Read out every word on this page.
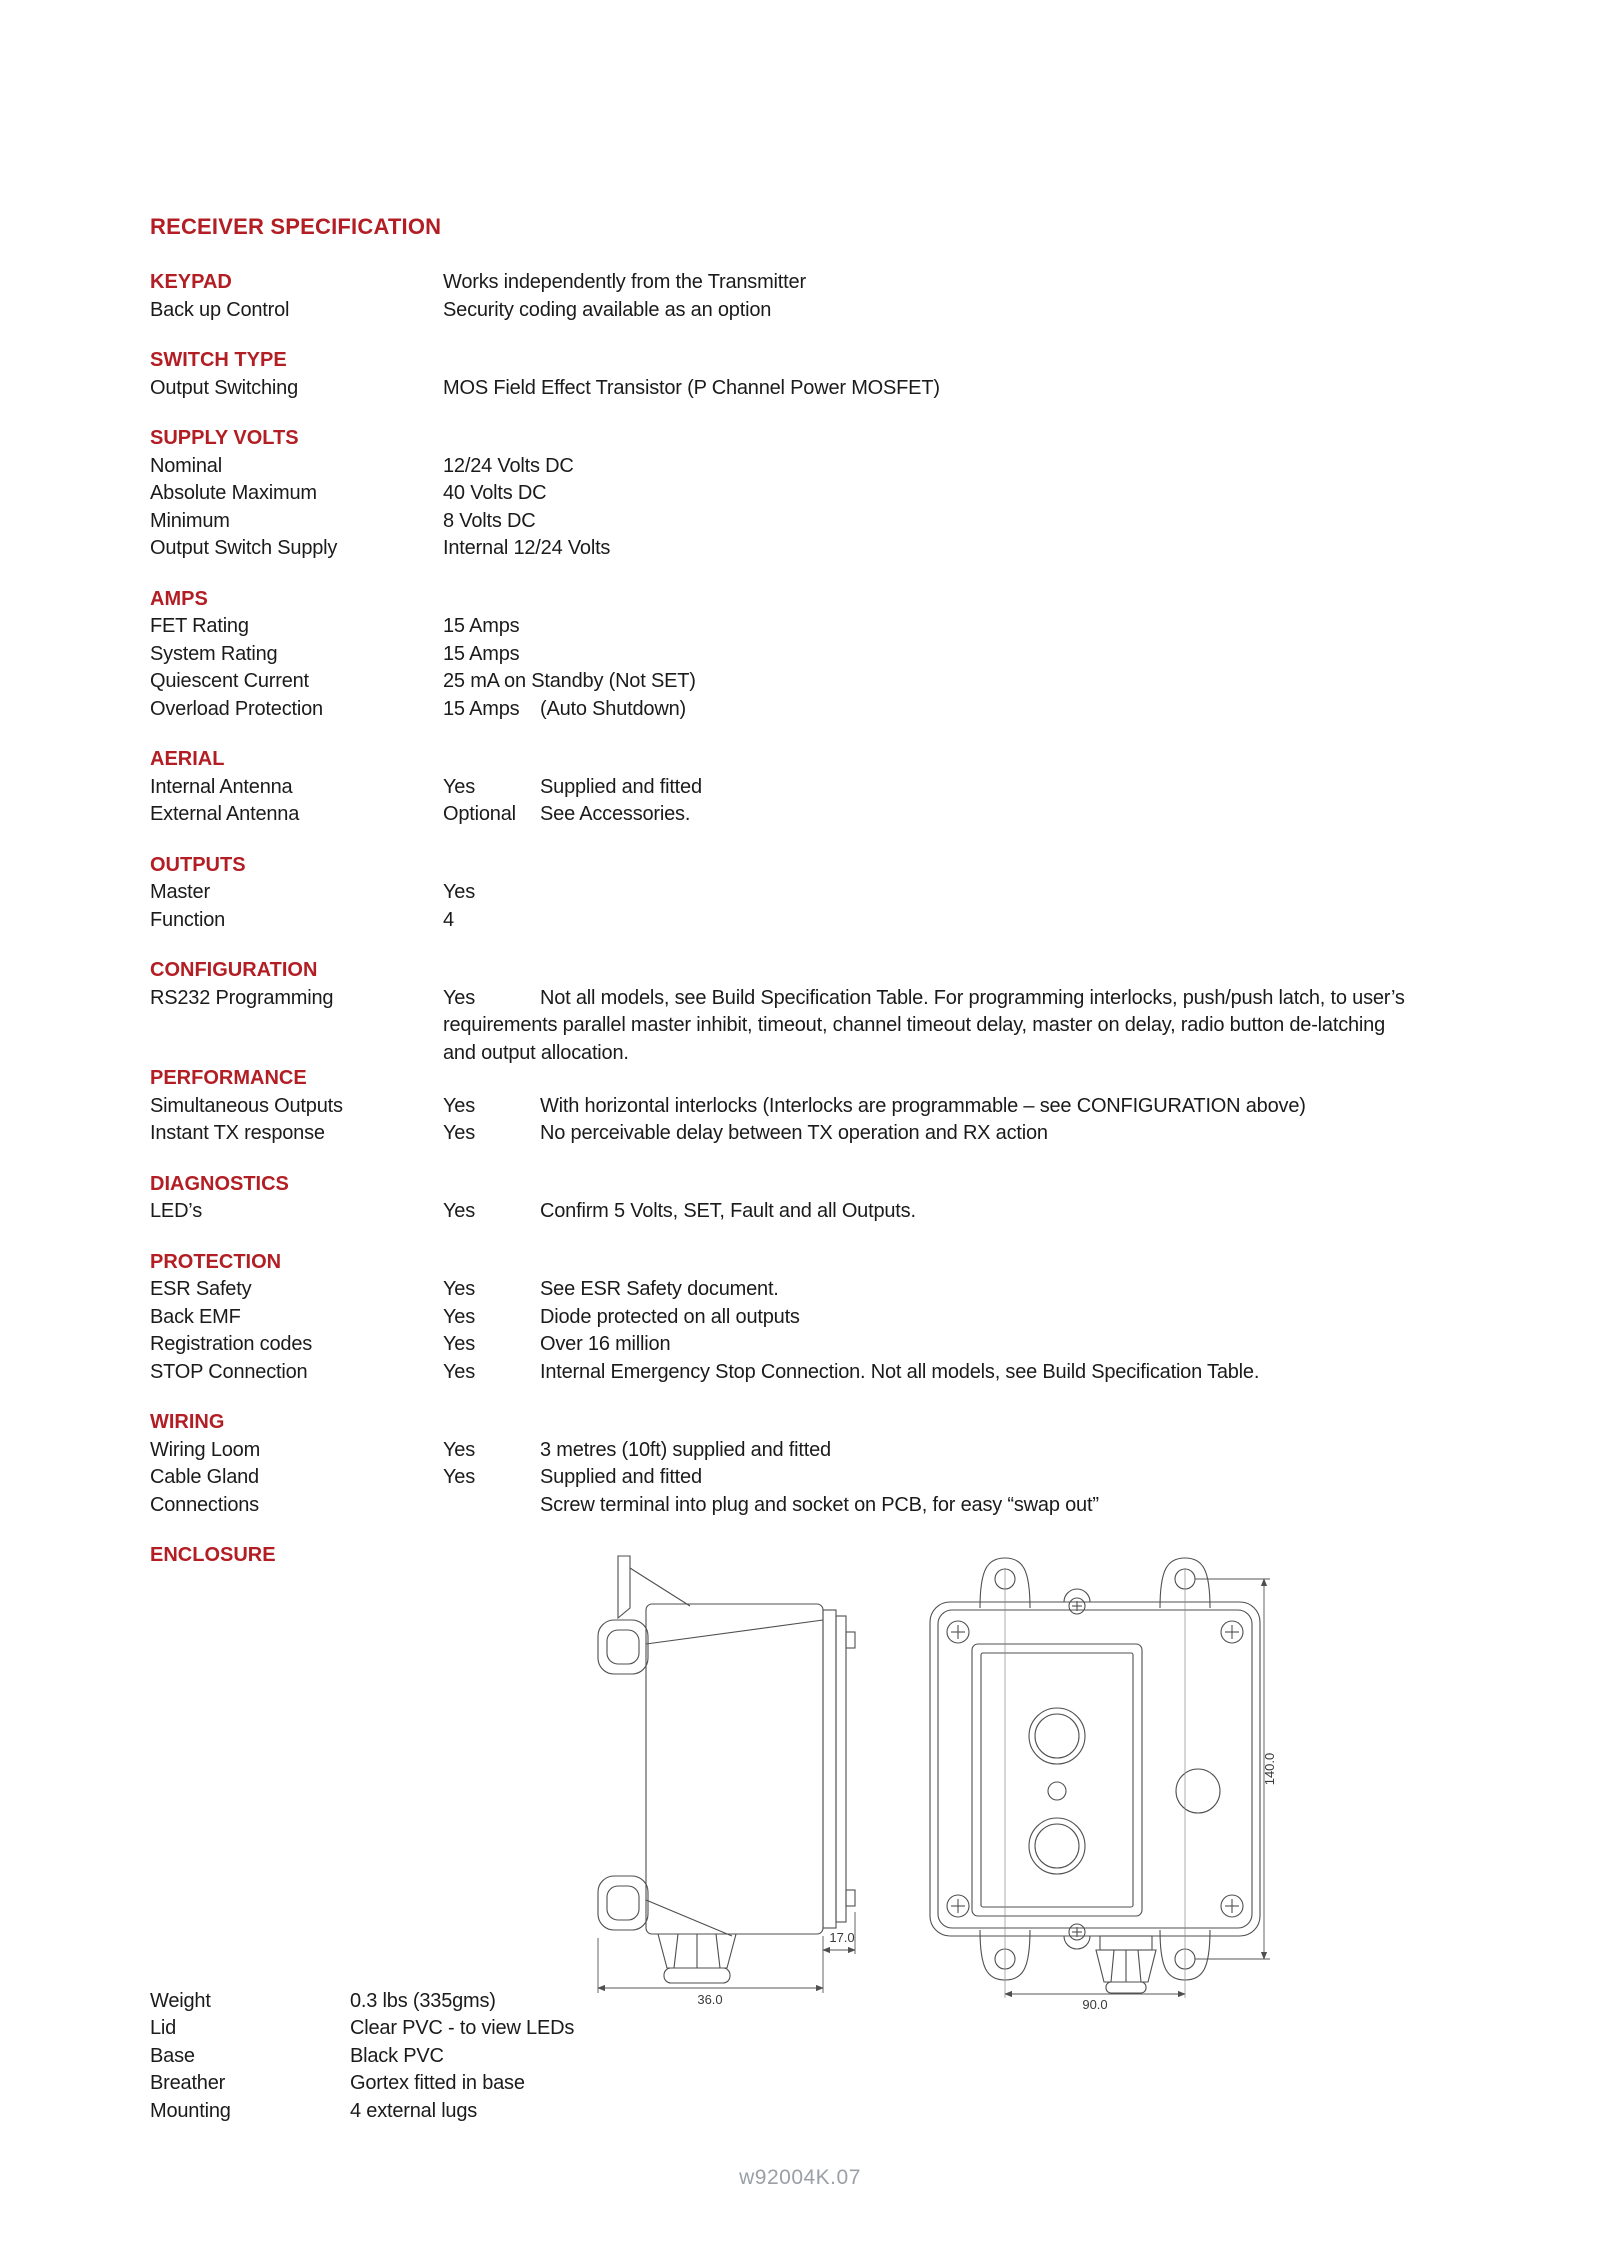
RECEIVER SPECIFICATION
KEYPAD	Works independently from the Transmitter
Back up Control	Security coding available as an option
SWITCH TYPE
Output Switching	MOS Field Effect Transistor (P Channel Power MOSFET)
SUPPLY VOLTS
Nominal	12/24 Volts DC
Absolute Maximum	40 Volts DC
Minimum	8 Volts DC
Output Switch Supply	Internal 12/24 Volts
AMPS
FET Rating	15 Amps
System Rating	15 Amps
Quiescent Current	25 mA on Standby (Not SET)
Overload Protection	15 Amps	(Auto Shutdown)
AERIAL
Internal Antenna	Yes	Supplied and fitted
External Antenna	Optional	See Accessories.
OUTPUTS
Master	Yes
Function	4
CONFIGURATION
RS232 Programming	Yes	Not all models, see Build Specification Table. For programming interlocks, push/push latch, to user’s
requirements parallel master inhibit, timeout, channel timeout delay, master on delay, radio button de-latching
and output allocation.
PERFORMANCE
Simultaneous Outputs	Yes	With horizontal interlocks (Interlocks are programmable – see CONFIGURATION above)
Instant TX response	Yes	No perceivable delay between TX operation and RX action
DIAGNOSTICS
LED’s	Yes	Confirm 5 Volts, SET, Fault and all Outputs.
PROTECTION
ESR Safety	Yes	See ESR Safety document.
Back EMF	Yes	Diode protected on all outputs
Registration codes	Yes	Over 16 million
STOP Connection	Yes	Internal Emergency Stop Connection. Not all models, see Build Specification Table.
WIRING
Wiring Loom	Yes	3 metres (10ft) supplied and fitted
Cable Gland	Yes	Supplied and fitted
Connections	Screw terminal into plug and socket on PCB, for easy “swap out”
ENCLOSURE
36.0
17.0
90.0
140.0
Weight	0.3 lbs (335gms)
Lid	Clear PVC - to view LEDs
Base	Black PVC
Breather	Gortex fitted in base
Mounting	4 external lugs
w92004K.07
